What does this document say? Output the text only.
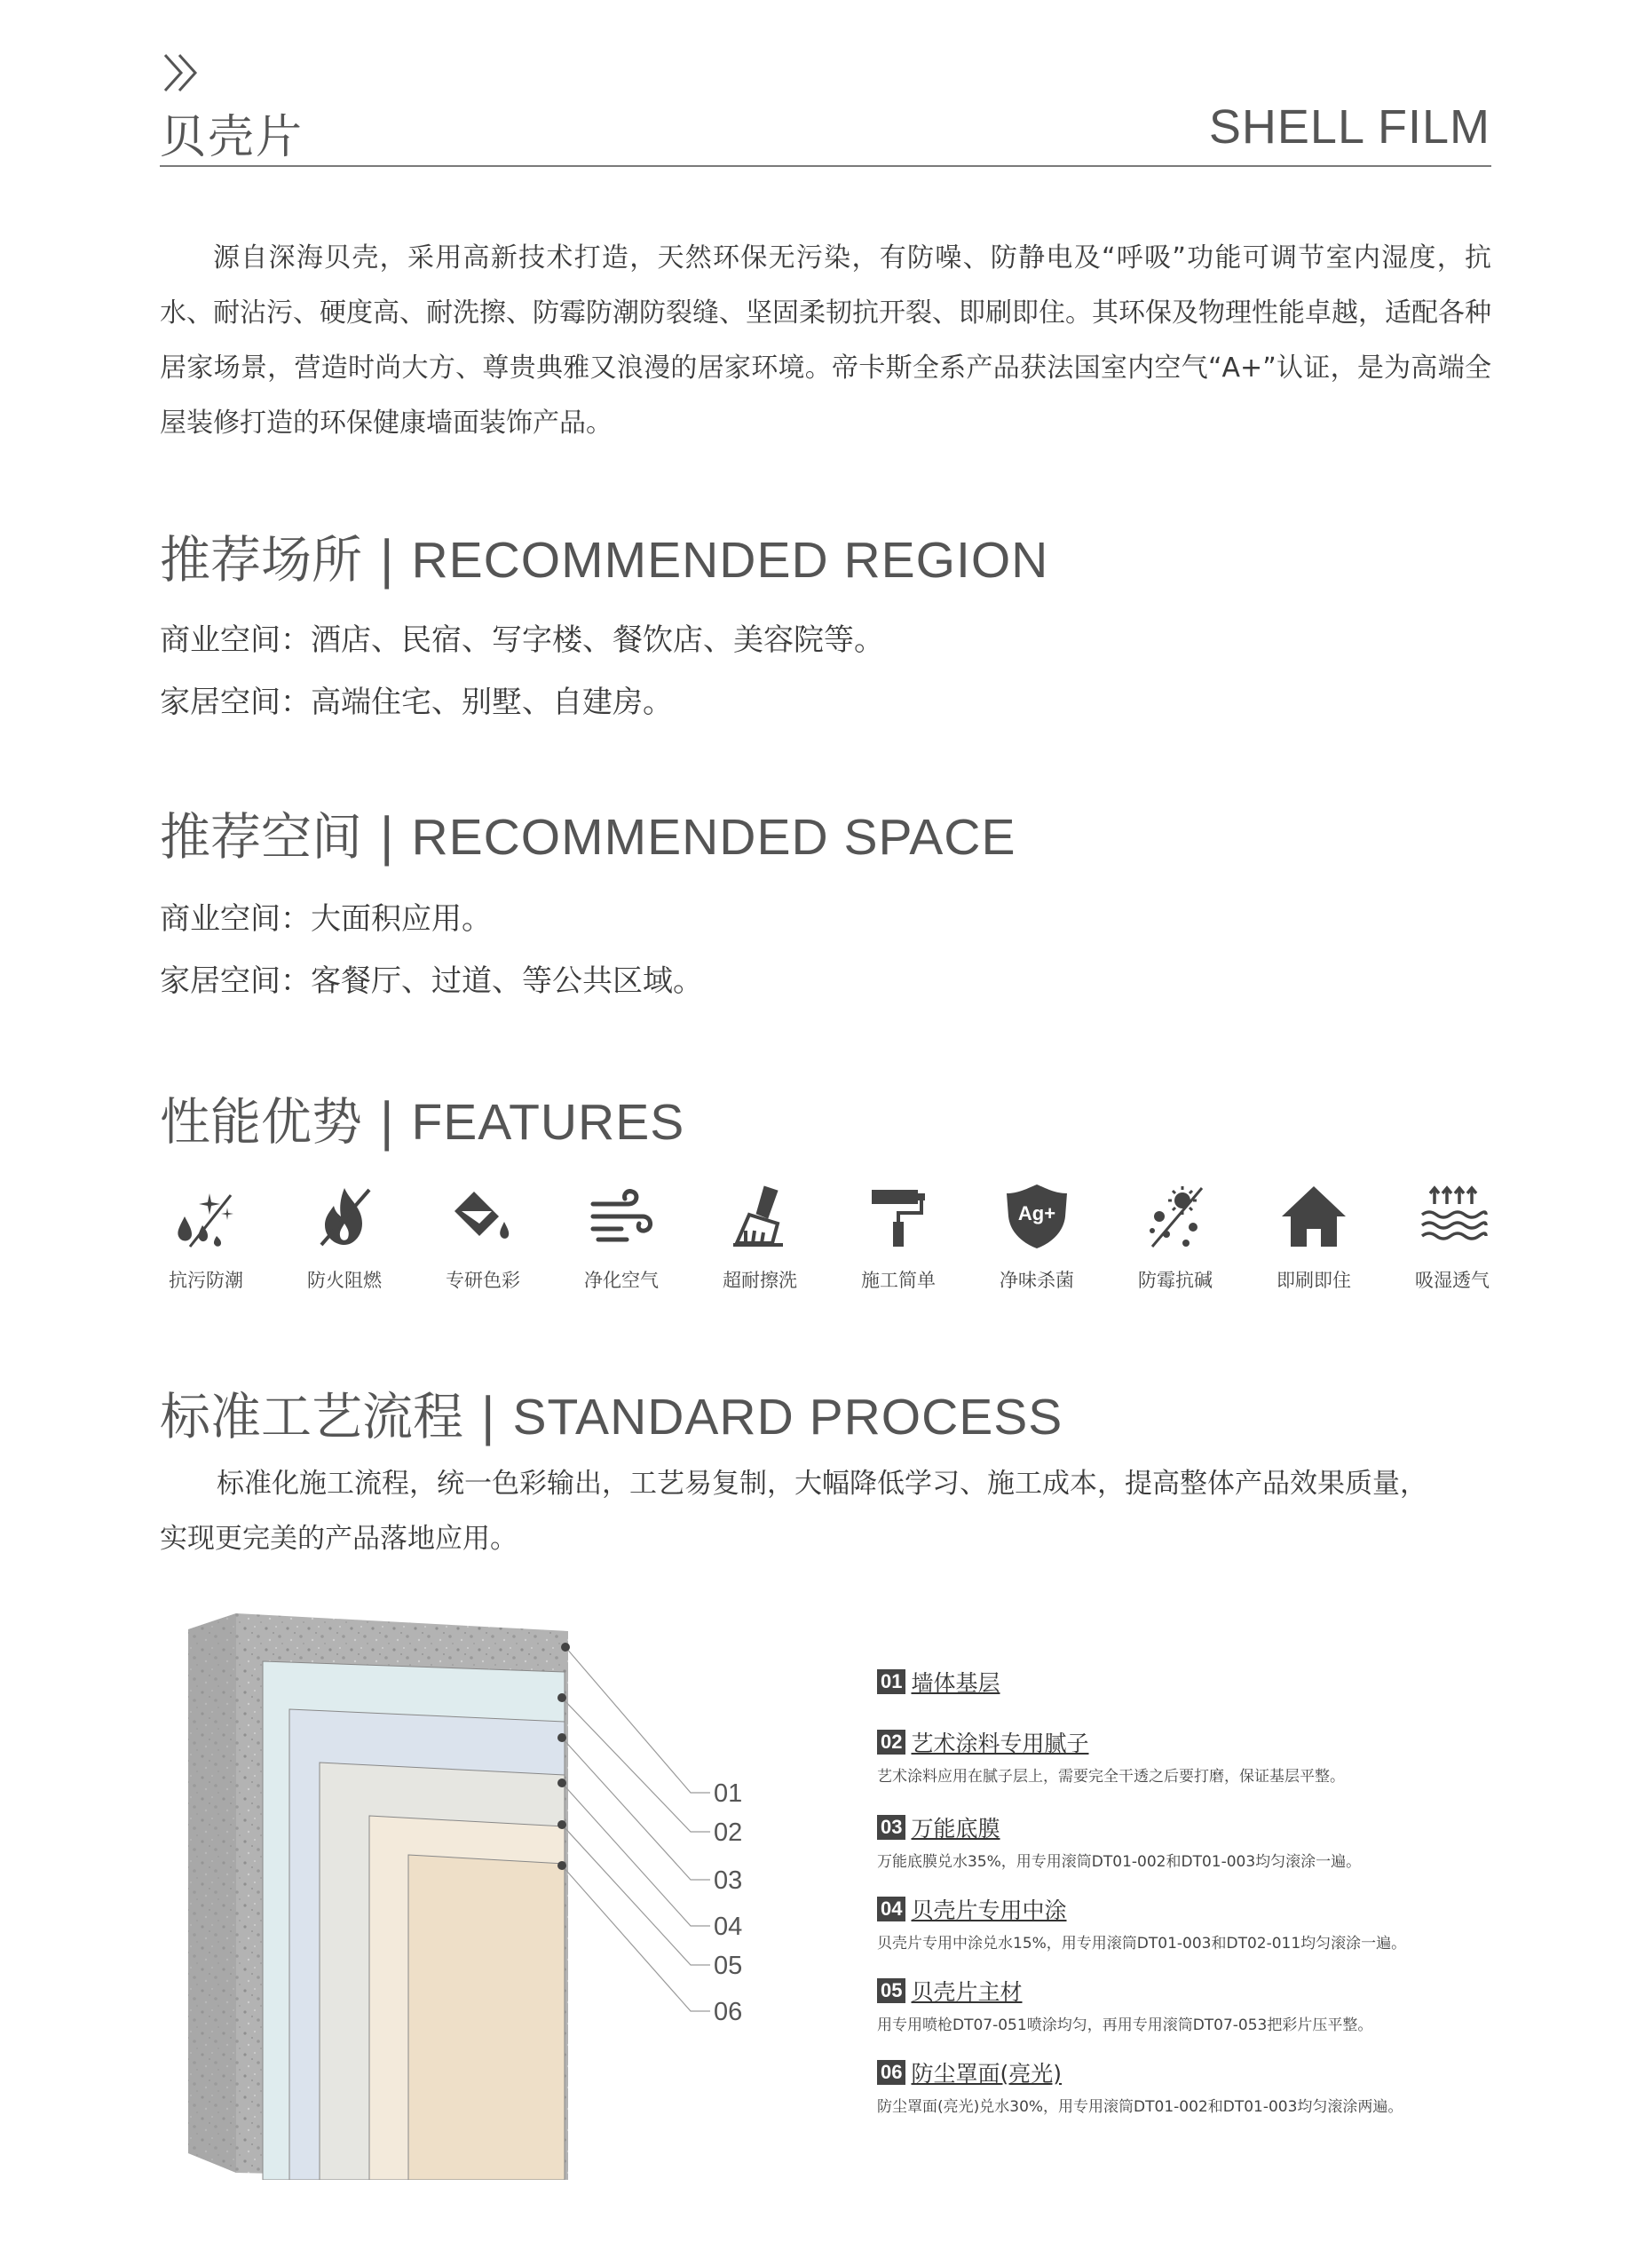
贝壳片	SHELL FILM
源自深海贝壳，采用高新技术打造，天然环保无污染，有防噪、防静电及“呼吸”功能可调节室内湿度，抗水、耐沾污、硬度高、耐洗擦、防霉防潮防裂缝、坚固柔韧抗开裂、即刷即住。其环保及物理性能卓越，适配各种居家场景，营造时尚大方、尊贵典雅又浪漫的居家环境。帝卡斯全系产品获法国室内空气“A+”认证，是为高端全屋装修打造的环保健康墙面装饰产品。
推荐场所 | RECOMMENDED REGION
商业空间：酒店、民宿、写字楼、餐饮店、美容院等。
家居空间：高端住宅、别墅、自建房。
推荐空间 | RECOMMENDED SPACE
商业空间：大面积应用。
家居空间：客餐厅、过道、等公共区域。
性能优势 | FEATURES
抗污防潮	防火阻燃	专研色彩	净化空气	超耐擦洗	施工简单
Ag+
净味杀菌	防霉抗碱	即刷即住	吸湿透气
标准工艺流程 | STANDARD PROCESS
标准化施工流程，统一色彩输出，工艺易复制，大幅降低学习、施工成本，提高整体产品效果质量，
实现更完美的产品落地应用。
01
02
03
04
05
06
01 墙体基层
02 艺术涂料专用腻子
艺术涂料应用在腻子层上，需要完全干透之后要打磨，保证基层平整。
03 万能底膜
万能底膜兑水35%，用专用滚筒DT01-002和DT01-003均匀滚涂一遍。
04 贝壳片专用中涂
贝壳片专用中涂兑水15%，用专用滚筒DT01-003和DT02-011均匀滚涂一遍。
05 贝壳片主材
用专用喷枪DT07-051喷涂均匀，再用专用滚筒DT07-053把彩片压平整。
06 防尘罩面(亮光)
防尘罩面(亮光)兑水30%，用专用滚筒DT01-002和DT01-003均匀滚涂两遍。
